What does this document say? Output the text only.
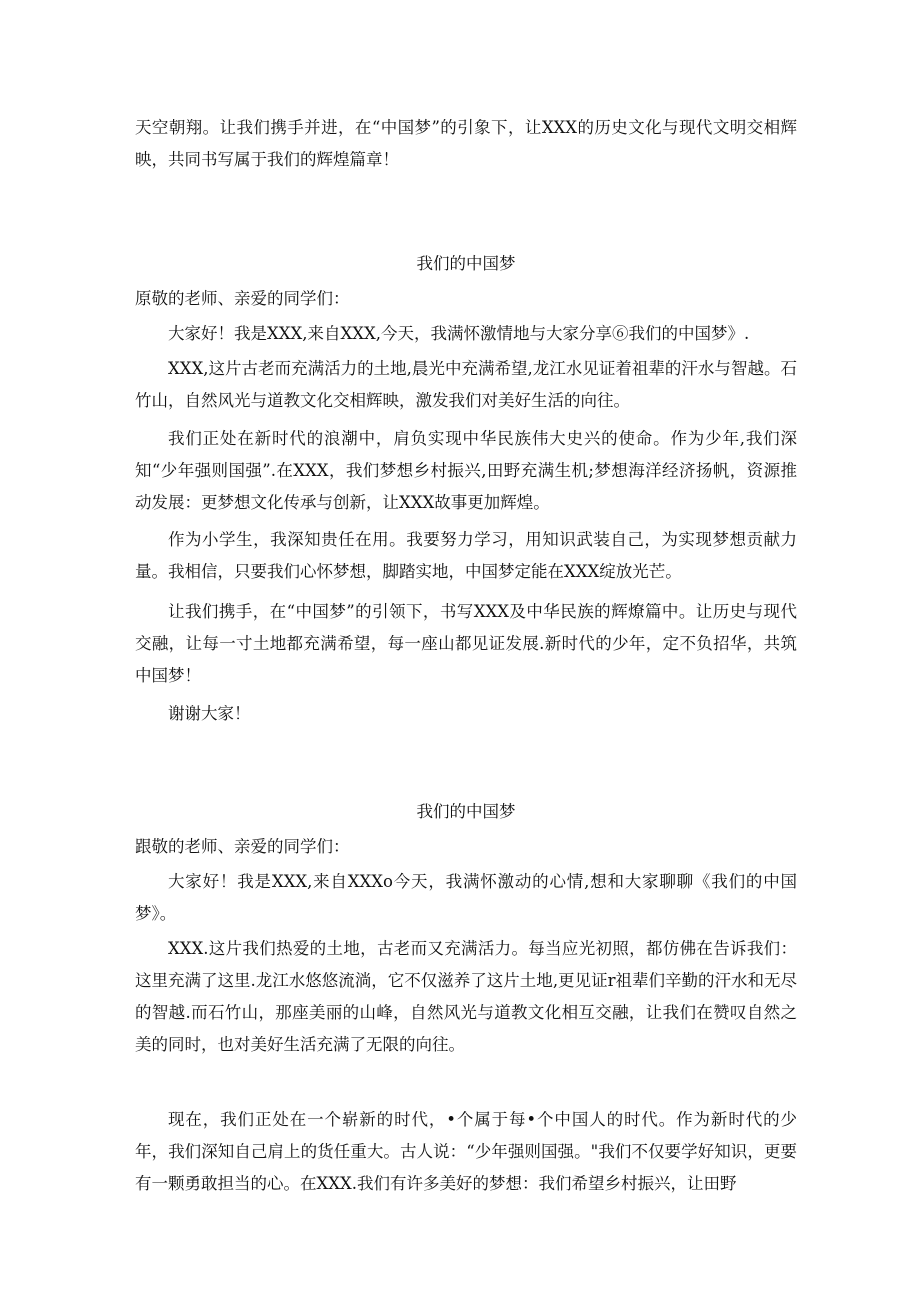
天空朝翔。让我们携手并进，在“中国梦”的引象下，让XXX的历史文化与现代文明交相辉映，共同书写属于我们的辉煌篇章！

我们的中国梦

原敬的老师、亲爱的同学们：

大家好！我是XXX,来自XXX,今天，我满怀激情地与大家分享⑥我们的中国梦》.

XXX,这片古老而充满活力的土地,晨光中充满希望,龙江水见证着祖辈的汗水与智越。石竹山，自然风光与道教文化交相辉映，激发我们对美好生活的向往。

我们正处在新时代的浪潮中，肩负实现中华民族伟大史兴的使命。作为少年,我们深知“少年强则国强”.在XXX，我们梦想乡村振兴,田野充满生机;梦想海洋经济扬帆，资源推动发展：更梦想文化传承与创新，让XXX故事更加辉煌。

作为小学生，我深知贵任在用。我要努力学习，用知识武装自己，为实现梦想贡献力量。我相信，只要我们心怀梦想，脚踏实地，中国梦定能在XXX绽放光芒。

让我们携手，在“中国梦”的引领下，书写XXX及中华民族的辉燎篇中。让历史与现代交融，让每一寸土地都充满希望，每一座山都见证发展.新时代的少年，定不负招华，共筑中国梦！

谢谢大家！

我们的中国梦

跟敬的老师、亲爱的同学们：

大家好！我是XXX,来自XXXo今天，我满怀激动的心情,想和大家聊聊《我们的中国梦》。

XXX.这片我们热爱的土地，古老而又充满活力。每当应光初照，都仿佛在告诉我们：这里充满了这里.龙江水悠悠流淌，它不仅滋养了这片土地,更见证r祖辈们辛勤的汗水和无尽的智越.而石竹山，那座美丽的山峰，自然风光与道教文化相互交融，让我们在赞叹自然之美的同时，也对美好生活充满了无限的向往。

现在，我们正处在一个崭新的时代，•个属于每•个中国人的时代。作为新时代的少年，我们深知自己肩上的货任重大。古人说：“少年强则国强。"我们不仅要学好知识，更要有一颗勇敢担当的心。在XXX.我们有许多美好的梦想：我们希望乡村振兴，让田野
